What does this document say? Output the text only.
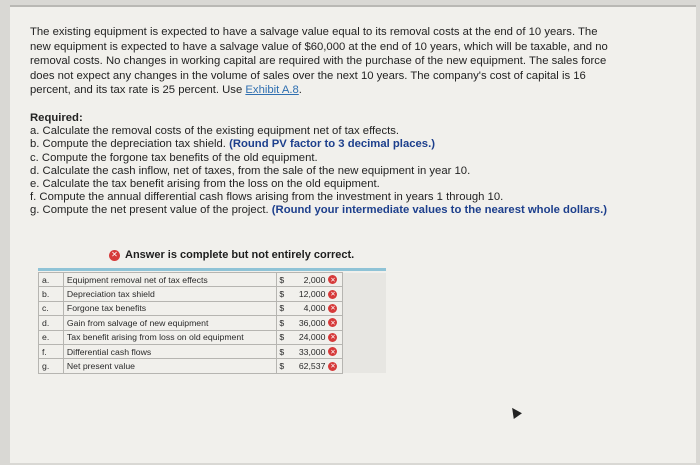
The existing equipment is expected to have a salvage value equal to its removal costs at the end of 10 years. The
new equipment is expected to have a salvage value of $60,000 at the end of 10 years, which will be taxable, and no
removal costs. No changes in working capital are required with the purchase of the new equipment. The sales force
does not expect any changes in the volume of sales over the next 10 years. The company's cost of capital is 16
percent, and its tax rate is 25 percent. Use Exhibit A.8.
Required:
a. Calculate the removal costs of the existing equipment net of tax effects.
b. Compute the depreciation tax shield. (Round PV factor to 3 decimal places.)
c. Compute the forgone tax benefits of the old equipment.
d. Calculate the cash inflow, net of taxes, from the sale of the new equipment in year 10.
e. Calculate the tax benefit arising from the loss on the old equipment.
f. Compute the annual differential cash flows arising from the investment in years 1 through 10.
g. Compute the net present value of the project. (Round your intermediate values to the nearest whole dollars.)
✕ Answer is complete but not entirely correct.
a.	Equipment removal net of tax effects	$ 2,000 ✕	

b.	Depreciation tax shield	$ 12,000 ✕	

c.	Forgone tax benefits	$ 4,000 ✕	

d.	Gain from salvage of new equipment	$ 36,000 ✕	

e.	Tax benefit arising from loss on old equipment	$ 24,000 ✕	

f.	Differential cash flows	$ 33,000 ✕	

g.	Net present value	$ 62,537 ✕	
